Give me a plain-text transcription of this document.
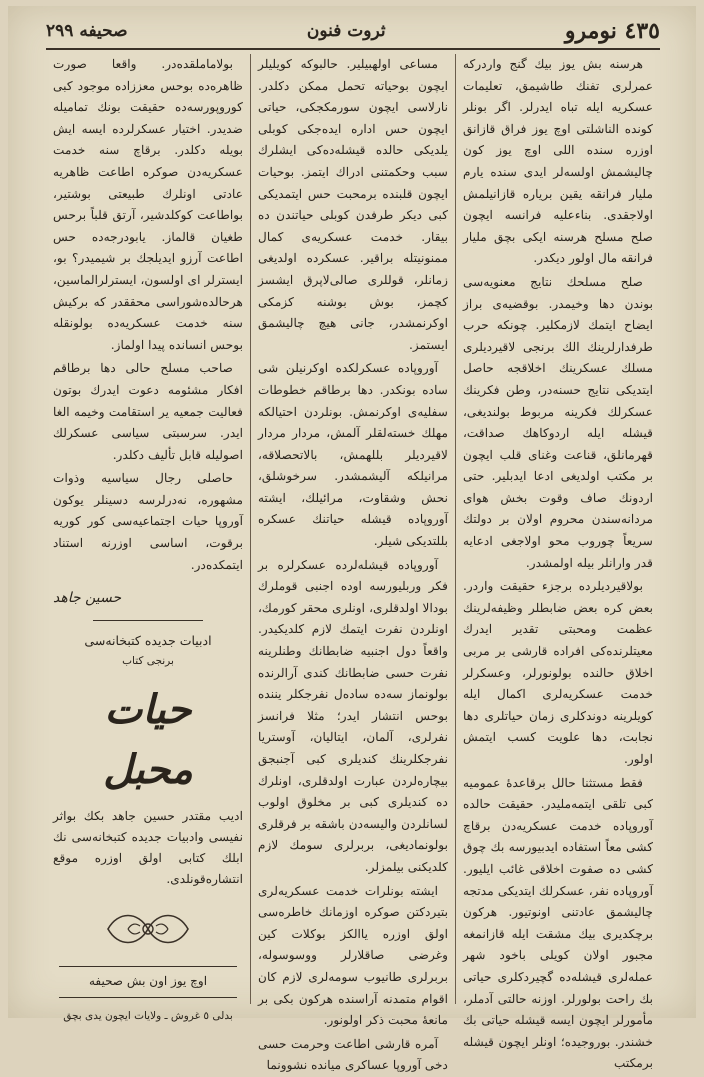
٤٣٥ نومرو
ثروت فنون
صحيفه ٢٩٩

هرسنه بش يوز بيك گنج واردركه عمرلرى تفنك طاشيمق، تعليمات عسكريه ايله تباه ايدرلر. اگر بونلر كونده الناشلتى اوچ يوز فراق قازانق اوزره سنده اللى اوچ يوز كون چاليشمش اولسه‌لر ايدى سنده يارم مليار فرانقه يقين برياره قازانيلمش اولاجقدى. بناءعليه فرانسه ايچون صلح مسلح هرسنه ايكى بچق مليار فرانقه مال اولور ديكدر.

صلح مسلحك نتايج معنويه‌سى بوندن دها وخيمدر. بوقضيه‌ى براز ايضاح ايتمك لازمكلير. چونكه حرب طرفدارلرينك الك برنجى لاقيرديلرى مسلك عسكرينك اخلاقجه حاصل ايتديكى نتايج حسنه‌در، وطن فكرينك عسكرلك فكرينه مربوط بولنديغى، قيشله ايله اردوكاهك صداقت، قهرمانلق، قناعت وغناى قلب ايچون بر مكتب اولديغى ادعا ايدبلير. حتى اردونك صاف وقوت بخش هواى مردانه‌سندن محروم اولان بر دولتك سريعاً چوروب محو اولاجغى ادعايه قدر وارانلر بيله اولمشدر.

بولاقيرديلرده برجزء حقيقت واردر. بعض كره بعض ضابطلر وظيفه‌لرينك عظمت ومحبتى تقدير ايدرك معيتلرنده‌كى افراده قارشى بر مربى اخلاق حالنده بولونورلر، وعسكرلر خدمت عسكريه‌لرى اكمال ايله كويلرينه دوندكلرى زمان حياتلرى دها نجابت، دها علويت كسب ايتمش اولور.

فقط مستثنا حالل برقاعدهٔ عموميه كبى تلقى ايتمه‌مليدر. حقيقت حالده آوروپاده خدمت عسكريه‌دن برقاچ كشى معاً استفاده ايدبيورسه بك چوق كشى ده صفوت اخلاقى غائب ايليور. آوروپاده نفر، عسكرلك ايتديكى مدتجه چاليشمق عادتنى اونوتيور. هركون برچكديرى بيك مشقت ايله قازانمغه مجبور اولان كويلى باخود شهر عمله‌لرى قيشله‌ده گچيردكلرى حياتى بك راحت بولورلر. اوزنه حالتى آدملر، مأمورلر ايچون ايسه قيشله حياتى بك خشندر. بوروجيده؛ اونلر ايچون قيشله برمكتب

مساعى اولهبيلير. حالبوكه كويليلر ايچون بوحياته تحمل ممكن دكلدر. نارلاسى ايچون سورمكجكى، حياتى ايچون حس اداره ايده‌جكى كوبلى يلديكى حالده قيشله‌ده‌كى ايشلرك سبب وحكمتنى ادراك ايتمز. بوحيات ايچون قلبنده برمحبت حس ايتمديكى كبى ديكر طرفدن كوبلى حياتندن ده بيقار. خدمت عسكريه‌ى كمال ممنونيتله براقير. عسكرده اولديغى زمانلر، قوللرى صالى‌لاپرق ايشسز كچمز، بوش بوشنه كزمكى اوكرنمشدر، جانى هيچ چاليشمق ايستمز.

آوروپاده عسكرلكده اوكرنيلن شى ساده بونكدر. دها برطاقم خطوطات سفليه‌ى اوكرنمش. بونلردن احتيالكه مهلك خسته‌لقلر آلمش، مردار مردار لاقيرديلر بللهمش، بالاتحصلاقه، مرانيلكه آليشمشدر. سرخوشلق، نحش وشقاوت، مرائيلك، ايشته آوروپاده قيشله حياتنك عسكره بللتديكى شيلر.

آوروپاده قيشله‌لرده عسكرلره بر فكر وربليورسه اوده اجنبى قوملرك بودالا اولدقلرى، اونلرى محقر كورمك، اونلردن نفرت ايتمك لازم كلديكيدر. واقعاً دول اجنبيه ضابطانك وطنلرينه نفرت حسى ضابطانك كندى آرالرنده بولونماز سه‌ده ساده‌ل نفرجكلر يننده بوحس انتشار ايدر؛ مثلا فرانسز نفرلرى، آلمان، ايتاليان، آوستريا نفرجكلرينك كنديلرى كبى آجنبجق بيچاره‌لردن عبارت اولدقلرى، اونلرك ده كنديلرى كبى بر مخلوق اولوب لسانلردن واليسه‌دن باشقه بر فرقلرى بولونماديغى، بربرلرى سومك لازم كلديكنى بيلمزلر.

ايشته بونلرات خدمت عسكريه‌لرى بتيردكتن صوكره اوزمانك خاطره‌سى اولق اوزره ياالكز بوكلات كين وغرضى صاقلارلر ووسوسوله، بربرلرى طانيوب سومه‌لرى لازم كان اقوام متمدنه آراسنده هركون بكى بر مانعهٔ محبت ذكر اولونور.

آمره قارشى اطاعت وحرمت حسى دخى آوروپا عساكرى ميانده نشوونما

بولاماملقده‌در. واقعا صورت ظاهره‌ده بوحس معززاده موجود كبى كوروپورسه‌ده حقيقت بونك تماميله ضديدر. اختيار عسكرلرده ايسه ايش بويله دكلدر. برقاچ سنه خدمت عسكريه‌دن صوكره اطاعت ظاهريه عادتى اونلرك طبيعتى بوشتير، بواطاعت كوكلدشير، آرتق قلباً برحس طغيان قالماز. يابودرجه‌ده حس اطاعت آرزو ايديلجك بر شيميدر؟ بو، ايسترلر اى اولسون، ايسترلرالماسين، هرحالده‌شوراسى محققدر كه بركيش سنه خدمت عسكريه‌ده بولونقله بوحس انسانده پيدا اولماز.

صاحب مسلح حالى دها برطاقم افكار مشئومه دعوت ايدرك بوتون فعاليت جمعيه ير استقامت وخيمه الغا ايدر. سرسبتى سياسى عسكرلك اصوليله قابل تأليف دكلدر.

حاصلى رجال سياسيه وذوات مشهوره، نه‌درلرسه دسينلر يوكون آوروپا حيات اجتماعيه‌سى كور كوريه برقوت، اساسى اوزرنه استناد ايتمكده‌در.

حسين جاهد
ادبيات جديده كتبخانه‌سى
برنجى كتاب
حيات محبل
اديب مقتدر حسين جاهد بكك بواثر نفيسى وادبيات جديده كتبخانه‌سى نك ابلك كتابى اولق اوزره موقع انتشاره‌قونلدى.
اوچ يوز اون بش صحيفه
بدلى ٥ غروش ـ ولايات ايچون يدى بچق
